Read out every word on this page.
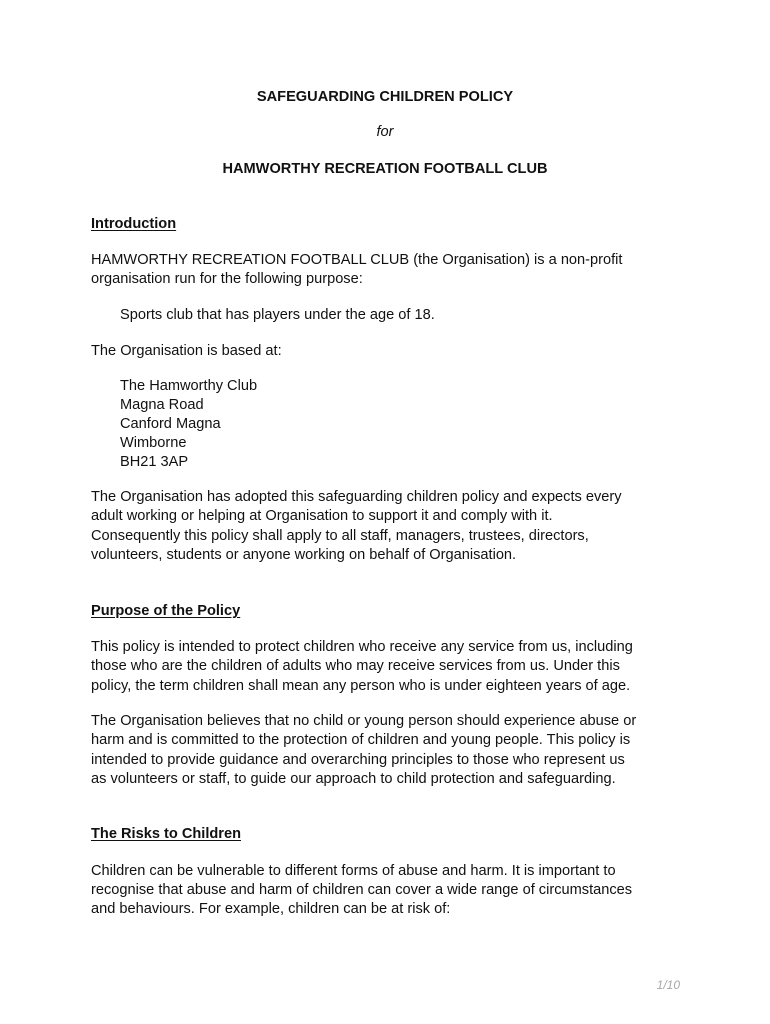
SAFEGUARDING CHILDREN POLICY
for
HAMWORTHY RECREATION FOOTBALL CLUB
Introduction
HAMWORTHY RECREATION FOOTBALL CLUB (the Organisation) is a non-profit
organisation run for the following purpose:
Sports club that has players under the age of 18.
The Organisation is based at:
The Hamworthy Club
Magna Road
Canford Magna
Wimborne
BH21 3AP
The Organisation has adopted this safeguarding children policy and expects every
adult working or helping at Organisation to support it and comply with it.
Consequently this policy shall apply to all staff, managers, trustees, directors,
volunteers, students or anyone working on behalf of Organisation.
Purpose of the Policy
This policy is intended to protect children who receive any service from us, including
those who are the children of adults who may receive services from us. Under this
policy, the term children shall mean any person who is under eighteen years of age.
The Organisation believes that no child or young person should experience abuse or
harm and is committed to the protection of children and young people. This policy is
intended to provide guidance and overarching principles to those who represent us
as volunteers or staff, to guide our approach to child protection and safeguarding.
The Risks to Children
Children can be vulnerable to different forms of abuse and harm. It is important to
recognise that abuse and harm of children can cover a wide range of circumstances
and behaviours. For example, children can be at risk of:
1/10
